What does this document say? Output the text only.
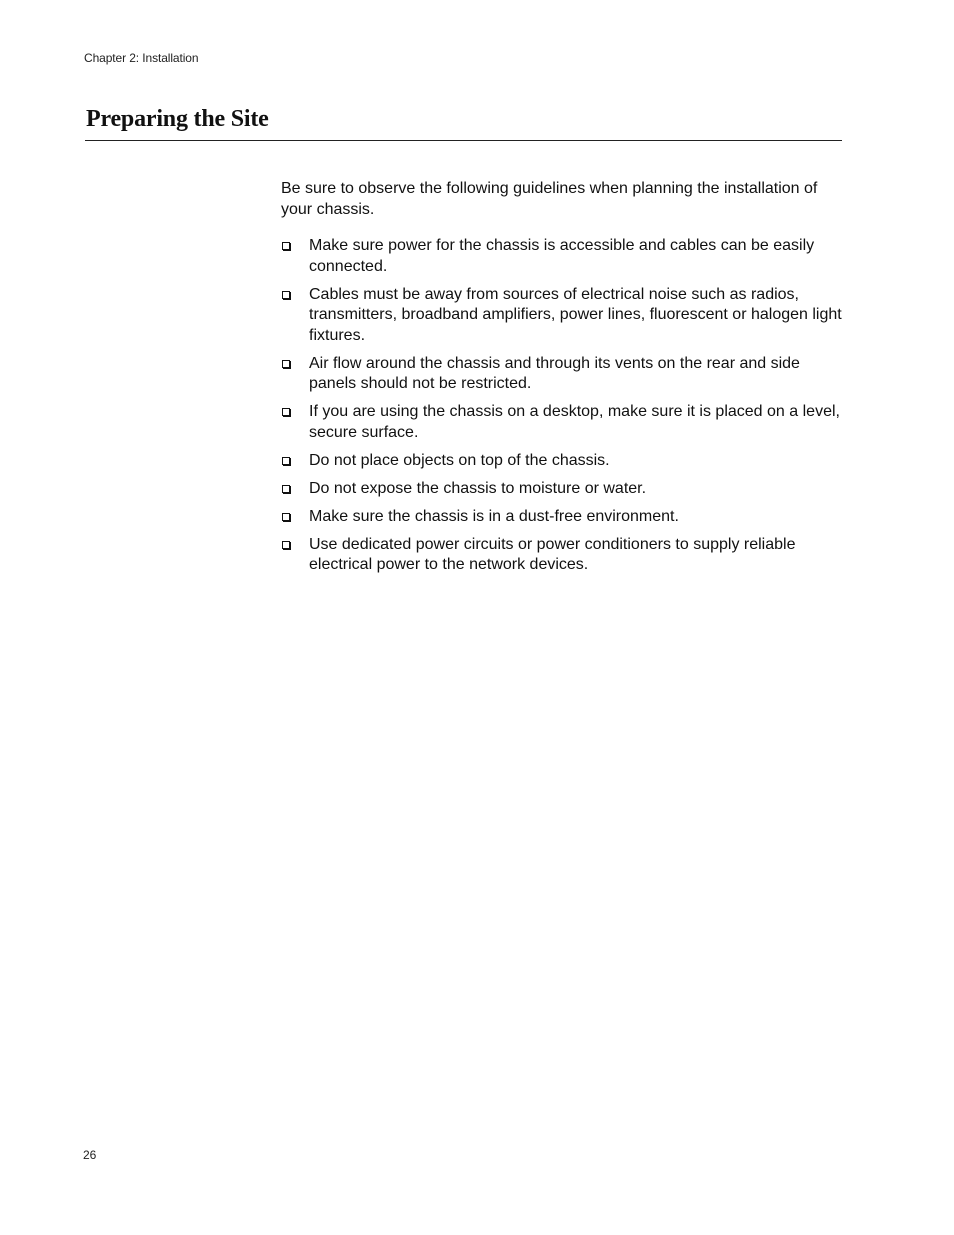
Chapter 2: Installation
Preparing the Site

Be sure to observe the following guidelines when planning the installation of your chassis.

Make sure power for the chassis is accessible and cables can be easily connected.
Cables must be away from sources of electrical noise such as radios, transmitters, broadband amplifiers, power lines, fluorescent or halogen light fixtures.
Air flow around the chassis and through its vents on the rear and side panels should not be restricted.
If you are using the chassis on a desktop, make sure it is placed on a level, secure surface.
Do not place objects on top of the chassis.
Do not expose the chassis to moisture or water.
Make sure the chassis is in a dust-free environment.
Use dedicated power circuits or power conditioners to supply reliable electrical power to the network devices.
26
